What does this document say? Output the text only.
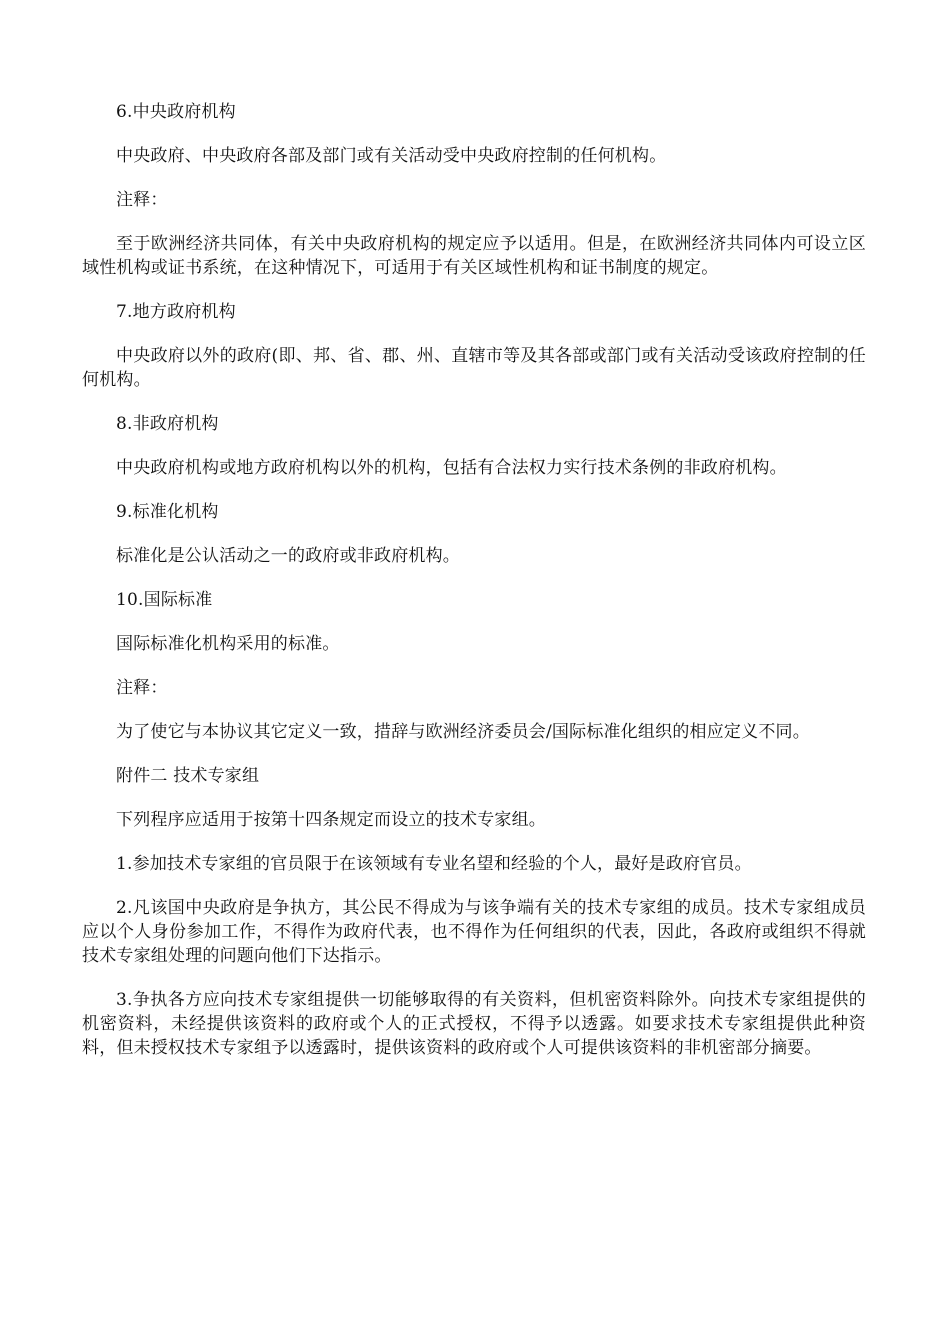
6.中央政府机构

中央政府、中央政府各部及部门或有关活动受中央政府控制的任何机构。

注释：

至于欧洲经济共同体，有关中央政府机构的规定应予以适用。但是，在欧洲经济共同体内可设立区域性机构或证书系统，在这种情况下，可适用于有关区域性机构和证书制度的规定。

7.地方政府机构

中央政府以外的政府(即、邦、省、郡、州、直辖市等及其各部或部门或有关活动受该政府控制的任何机构。

8.非政府机构

中央政府机构或地方政府机构以外的机构，包括有合法权力实行技术条例的非政府机构。

9.标准化机构

标准化是公认活动之一的政府或非政府机构。

10.国际标准

国际标准化机构采用的标准。

注释：

为了使它与本协议其它定义一致，措辞与欧洲经济委员会/国际标准化组织的相应定义不同。

附件二 技术专家组

下列程序应适用于按第十四条规定而设立的技术专家组。

1.参加技术专家组的官员限于在该领域有专业名望和经验的个人，最好是政府官员。

2.凡该国中央政府是争执方，其公民不得成为与该争端有关的技术专家组的成员。技术专家组成员应以个人身份参加工作，不得作为政府代表，也不得作为任何组织的代表，因此，各政府或组织不得就技术专家组处理的问题向他们下达指示。

3.争执各方应向技术专家组提供一切能够取得的有关资料，但机密资料除外。向技术专家组提供的机密资料，未经提供该资料的政府或个人的正式授权，不得予以透露。如要求技术专家组提供此种资料，但未授权技术专家组予以透露时，提供该资料的政府或个人可提供该资料的非机密部分摘要。
